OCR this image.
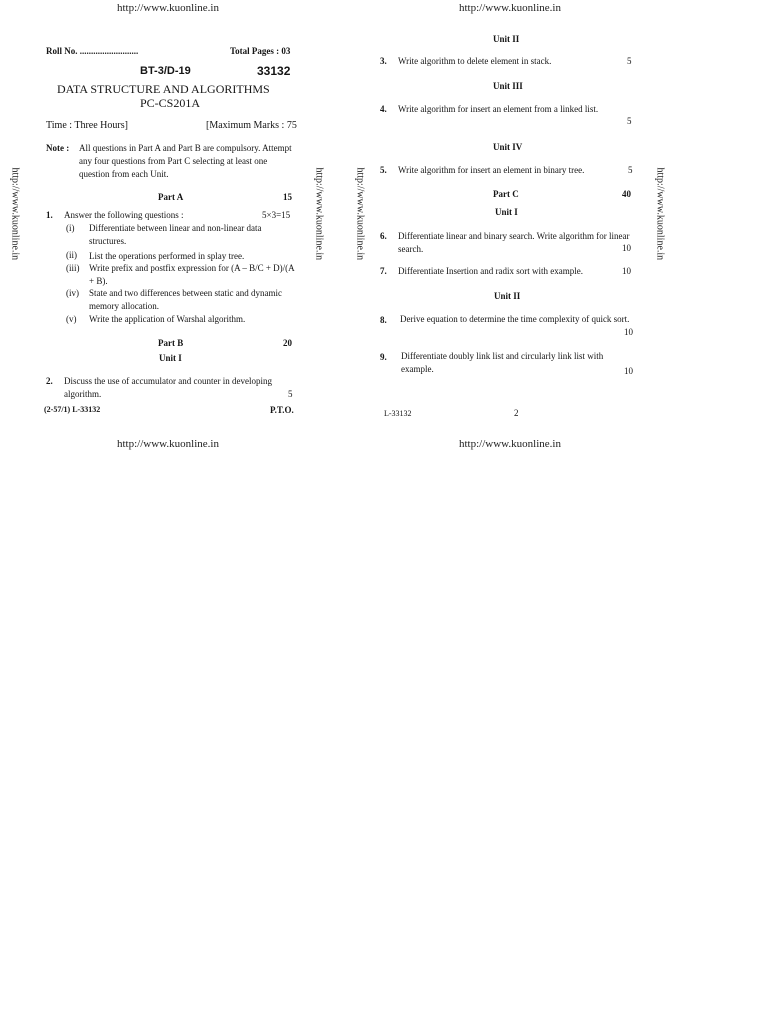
http://www.kuonline.in	http://www.kuonline.in
http://www.kuonline.in	http://www.kuonline.in	http://www.kuonline.in	http://www.kuonline.in
http://www.kuonline.in	http://www.kuonline.in
Roll No. ..........................	Total Pages : 03
BT-3/D-19	33132
DATA STRUCTURE AND ALGORITHMS
PC-CS201A
Time : Three Hours]	[Maximum Marks : 75
Note : All questions in Part A and Part B are compulsory. Attempt any four questions from Part C selecting at least one question from each Unit.
Part A	15
1. Answer the following questions :	5×3=15
(i) Differentiate between linear and non-linear data structures.
(ii) List the operations performed in splay tree.
(iii) Write prefix and postfix expression for (A – B/C + D)/(A + B).
(iv) State and two differences between static and dynamic memory allocation.
(v) Write the application of Warshal algorithm.
Part B	20
Unit I
2. Discuss the use of accumulator and counter in developing algorithm.	5
(2-57/1) L-33132	P.T.O.
Unit II
3. Write algorithm to delete element in stack.	5
Unit III
4. Write algorithm for insert an element from a linked list.
5
Unit IV
5. Write algorithm for insert an element in binary tree.	5
Part C	40
Unit I
6. Differentiate linear and binary search. Write algorithm for linear search.	10
7. Differentiate Insertion and radix sort with example.	10
Unit II
8. Derive equation to determine the time complexity of quick sort.
10
9. Differentiate doubly link list and circularly link list with example.	10
L-33132	2
